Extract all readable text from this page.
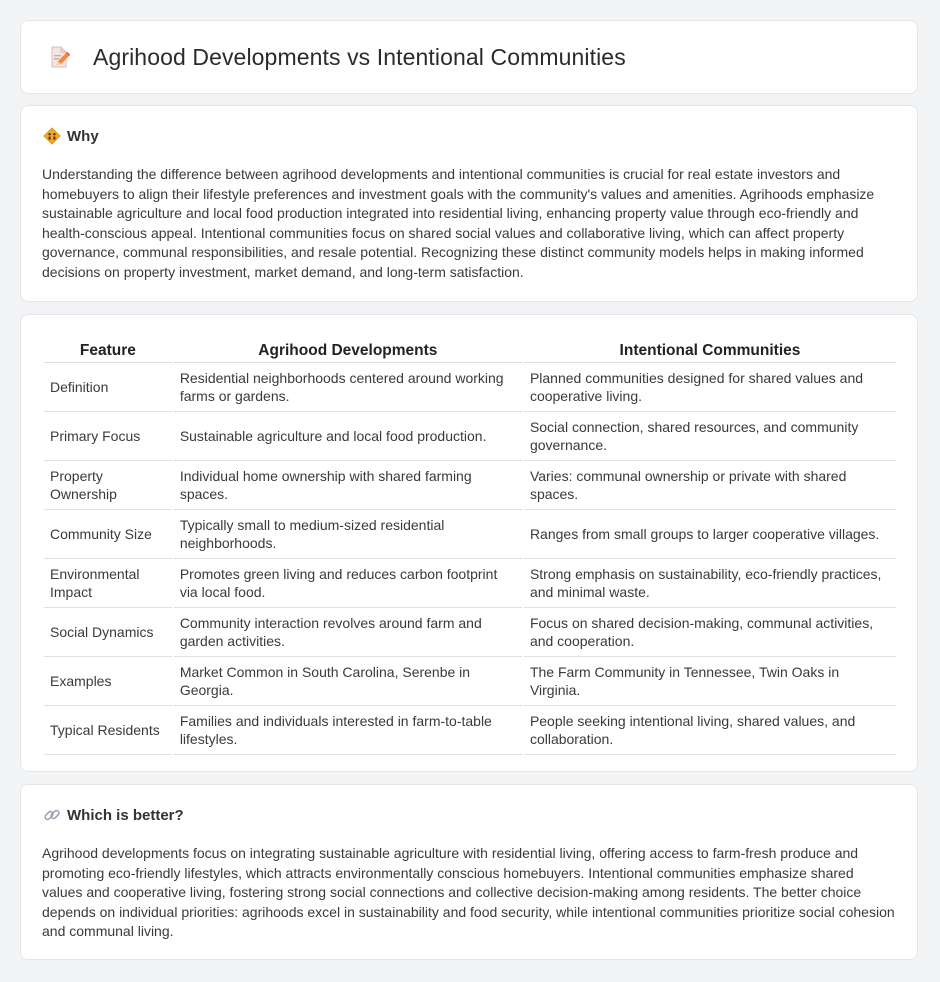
Agrihood Developments vs Intentional Communities
Why

Understanding the difference between agrihood developments and intentional communities is crucial for real estate investors and homebuyers to align their lifestyle preferences and investment goals with the community's values and amenities. Agrihoods emphasize sustainable agriculture and local food production integrated into residential living, enhancing property value through eco-friendly and health-conscious appeal. Intentional communities focus on shared social values and collaborative living, which can affect property governance, communal responsibilities, and resale potential. Recognizing these distinct community models helps in making informed decisions on property investment, market demand, and long-term satisfaction.

Feature	Agrihood Developments	Intentional Communities
Definition	Residential neighborhoods centered around working farms or gardens.	Planned communities designed for shared values and cooperative living.
Primary Focus	Sustainable agriculture and local food production.	Social connection, shared resources, and community governance.
Property Ownership	Individual home ownership with shared farming spaces.	Varies: communal ownership or private with shared spaces.
Community Size	Typically small to medium-sized residential neighborhoods.	Ranges from small groups to larger cooperative villages.
Environmental Impact	Promotes green living and reduces carbon footprint via local food.	Strong emphasis on sustainability, eco-friendly practices, and minimal waste.
Social Dynamics	Community interaction revolves around farm and garden activities.	Focus on shared decision-making, communal activities, and cooperation.
Examples	Market Common in South Carolina, Serenbe in Georgia.	The Farm Community in Tennessee, Twin Oaks in Virginia.
Typical Residents	Families and individuals interested in farm-to-table lifestyles.	People seeking intentional living, shared values, and collaboration.
Which is better?

Agrihood developments focus on integrating sustainable agriculture with residential living, offering access to farm-fresh produce and promoting eco-friendly lifestyles, which attracts environmentally conscious homebuyers. Intentional communities emphasize shared values and cooperative living, fostering strong social connections and collective decision-making among residents. The better choice depends on individual priorities: agrihoods excel in sustainability and food security, while intentional communities prioritize social cohesion and communal living.
